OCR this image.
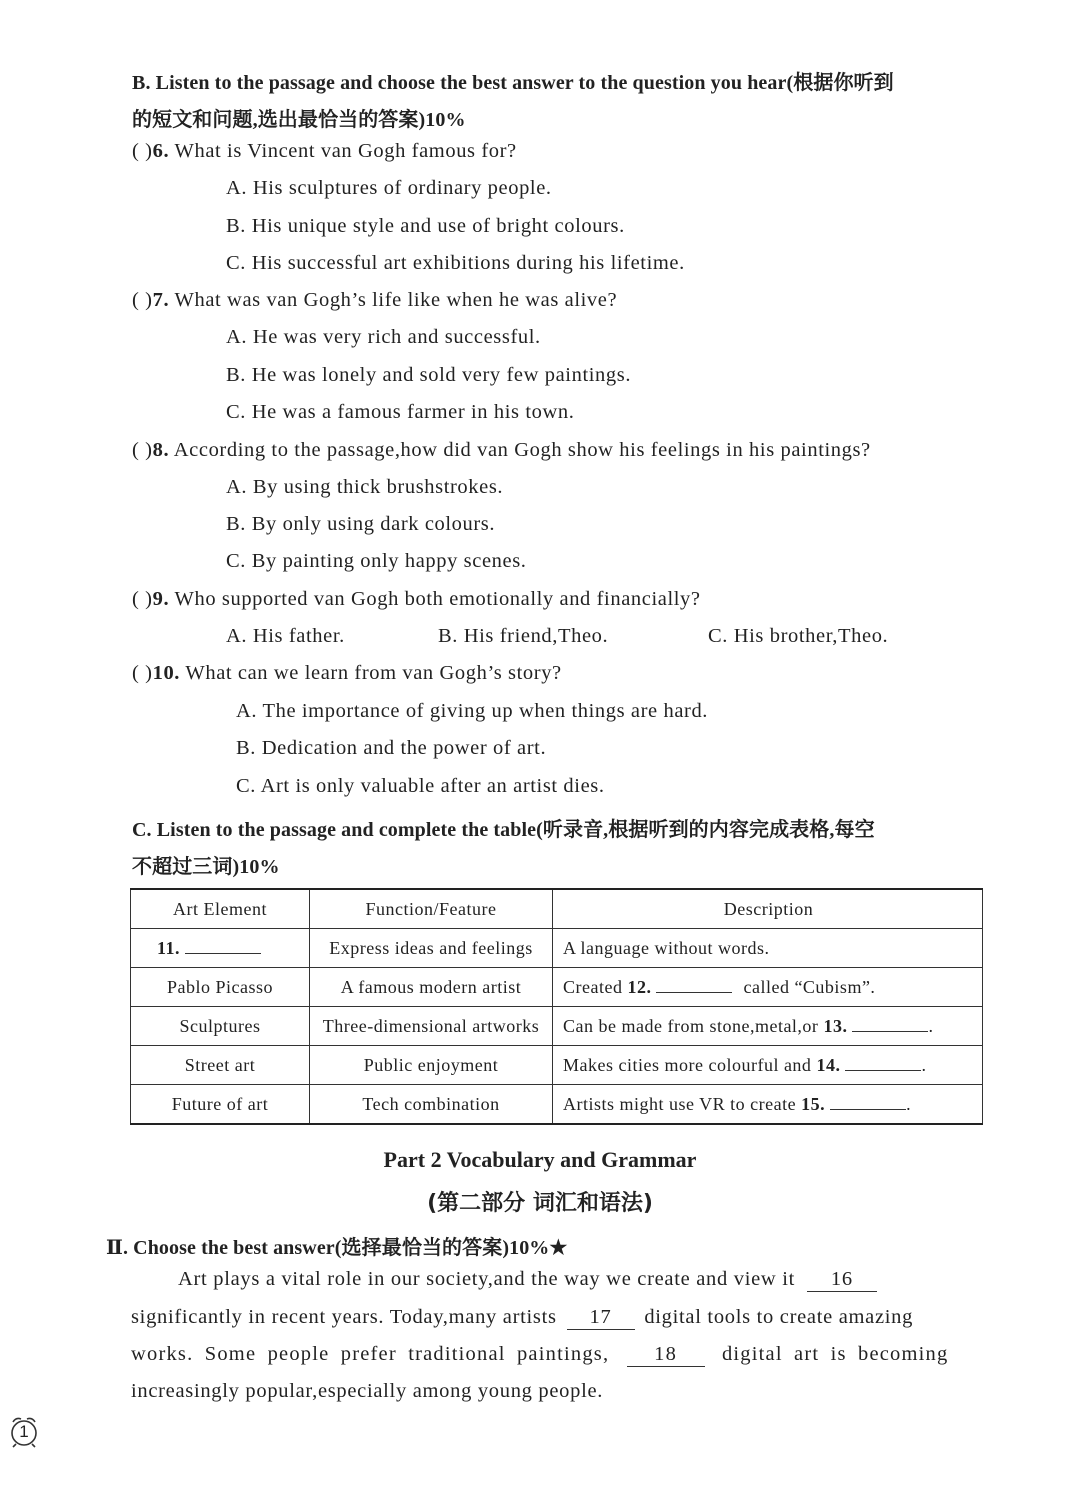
B. Listen to the passage and choose the best answer to the question you hear(根据你听到
的短文和问题,选出最恰当的答案)10%
( )6. What is Vincent van Gogh famous for?
A. His sculptures of ordinary people.
B. His unique style and use of bright colours.
C. His successful art exhibitions during his lifetime.
( )7. What was van Gogh’s life like when he was alive?
A. He was very rich and successful.
B. He was lonely and sold very few paintings.
C. He was a famous farmer in his town.
( )8. According to the passage,how did van Gogh show his feelings in his paintings?
A. By using thick brushstrokes.
B. By only using dark colours.
C. By painting only happy scenes.
( )9. Who supported van Gogh both emotionally and financially?
A. His father.	B. His friend,Theo.	C. His brother,Theo.
( )10. What can we learn from van Gogh’s story?
A. The importance of giving up when things are hard.
B. Dedication and the power of art.
C. Art is only valuable after an artist dies.
C. Listen to the passage and complete the table(听录音,根据听到的内容完成表格,每空
不超过三词)10%
Art Element	Function/Feature	Description
11.	Express ideas and feelings	A language without words.
Pablo Picasso	A famous modern artist	Created 12. called “Cubism”.
Sculptures	Three-dimensional artworks	Can be made from stone,metal,or 13. .
Street art	Public enjoyment	Makes cities more colourful and 14. .
Future of art	Tech combination	Artists might use VR to create 15. .
Part 2 Vocabulary and Grammar
(第二部分 词汇和语法)
Ⅱ. Choose the best answer(选择最恰当的答案)10%★
Art plays a vital role in our society,and the way we create and view it 16
significantly in recent years. Today,many artists 17 digital tools to create amazing
works. Some people prefer traditional paintings, 18 digital art is becoming
increasingly popular,especially among young people.
1
